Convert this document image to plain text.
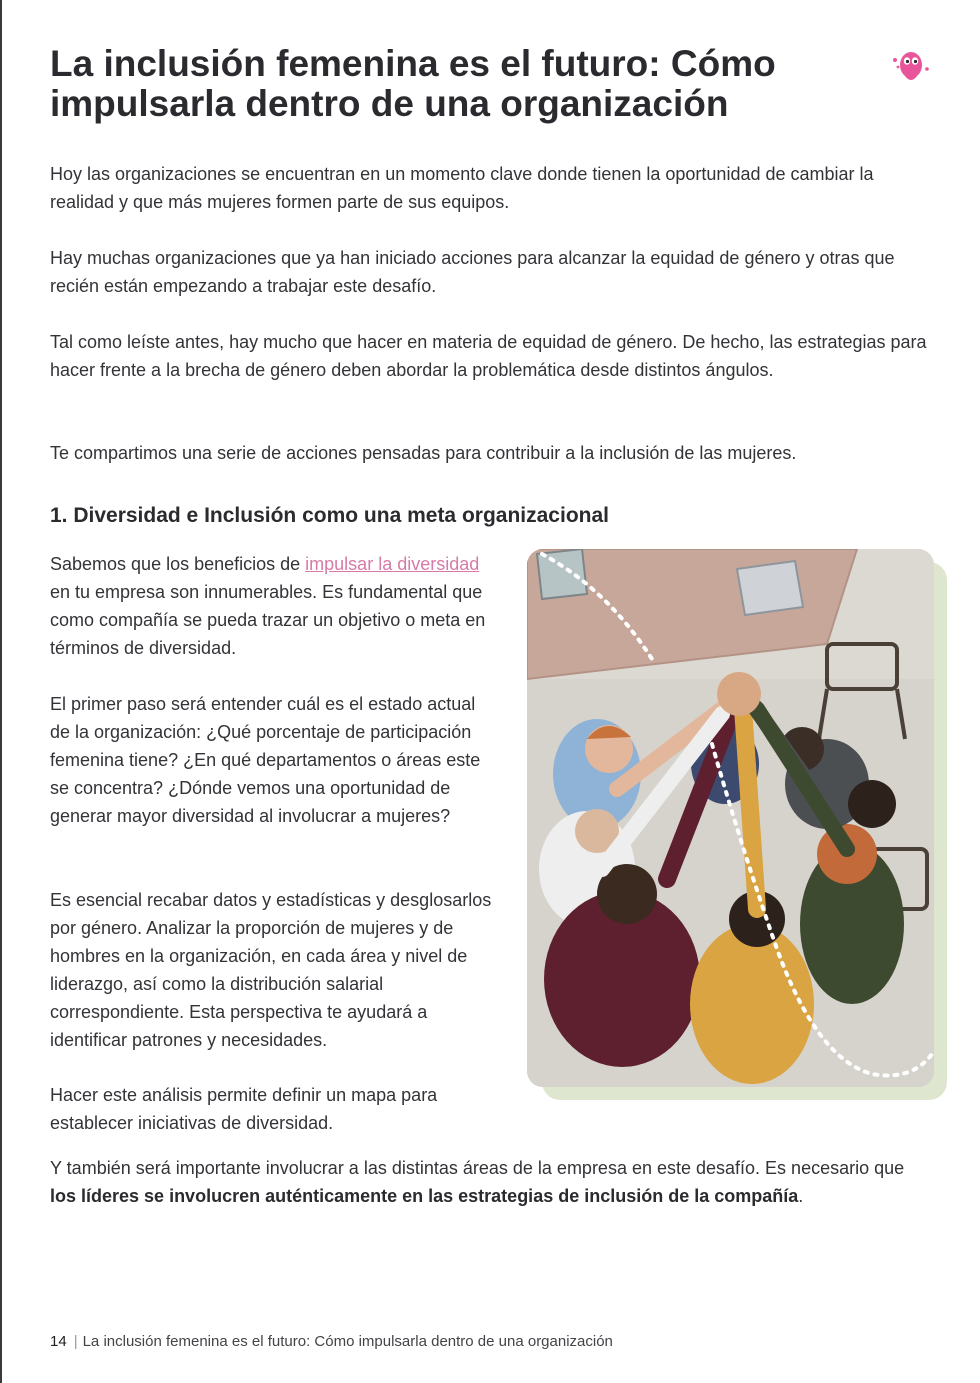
La inclusión femenina es el futuro: Cómo impulsarla dentro de una organización

Hoy las organizaciones se encuentran en un momento clave donde tienen la oportunidad de cambiar la realidad y que más mujeres formen parte de sus equipos.

Hay muchas organizaciones que ya han iniciado acciones para alcanzar la equidad de género y otras que recién están empezando a trabajar este desafío.

Tal como leíste antes, hay mucho que hacer en materia de equidad de género. De hecho, las estrategias para hacer frente a la brecha de género deben abordar la problemática desde distintos ángulos.

Te compartimos una serie de acciones pensadas para contribuir a la inclusión de las mujeres.

1. Diversidad e Inclusión como una meta organizacional

Sabemos que los beneficios de impulsar la diversidad en tu empresa son innumerables. Es fundamental que como compañía se pueda trazar un objetivo o meta en términos de diversidad.

El primer paso será entender cuál es el estado actual de la organización: ¿Qué porcentaje de participación femenina tiene? ¿En qué departamentos o áreas este se concentra? ¿Dónde vemos una oportunidad de generar mayor diversidad al involucrar a mujeres?

Es esencial recabar datos y estadísticas y desglosarlos por género. Analizar la proporción de mujeres y de hombres en la organización, en cada área y nivel de liderazgo, así como la distribución salarial correspondiente. Esta perspectiva te ayudará a identificar patrones y necesidades.

Hacer este análisis permite definir un mapa para establecer iniciativas de diversidad.

Y también será importante involucrar a las distintas áreas de la empresa en este desafío. Es necesario que los líderes se involucren auténticamente en las estrategias de inclusión de la compañía.

14 | La inclusión femenina es el futuro: Cómo impulsarla dentro de una organización
